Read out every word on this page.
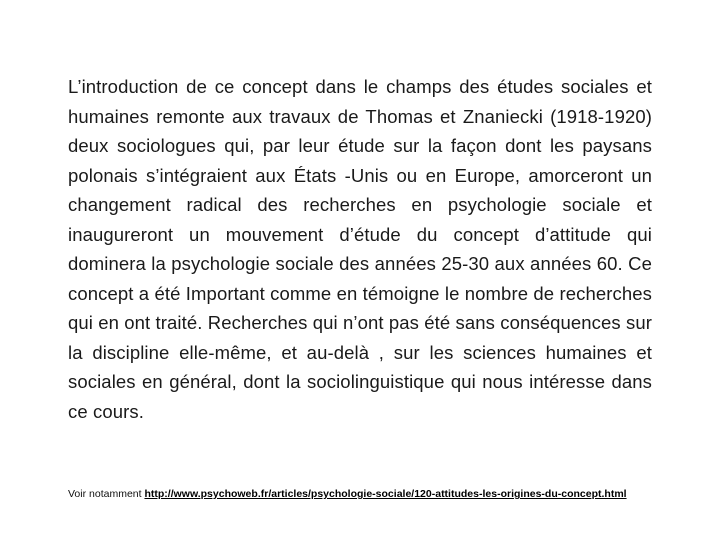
L’introduction de ce concept dans le champs des études sociales et humaines remonte aux travaux de Thomas et Znaniecki (1918-1920) deux sociologues qui, par leur étude sur la façon dont les paysans polonais s’intégraient aux États -Unis ou en Europe, amorceront un changement radical des recherches en psychologie sociale et inaugureront un mouvement d’étude du concept d’attitude qui dominera la psychologie sociale des années 25-30 aux années 60. Ce concept a été Important comme en témoigne le nombre de recherches qui en ont traité. Recherches qui n’ont pas été sans conséquences sur la discipline elle-même, et au-delà , sur les sciences humaines et sociales en général, dont la sociolinguistique qui nous intéresse dans ce cours.

Voir notamment http://www.psychoweb.fr/articles/psychologie-sociale/120-attitudes-les-origines-du-concept.html
